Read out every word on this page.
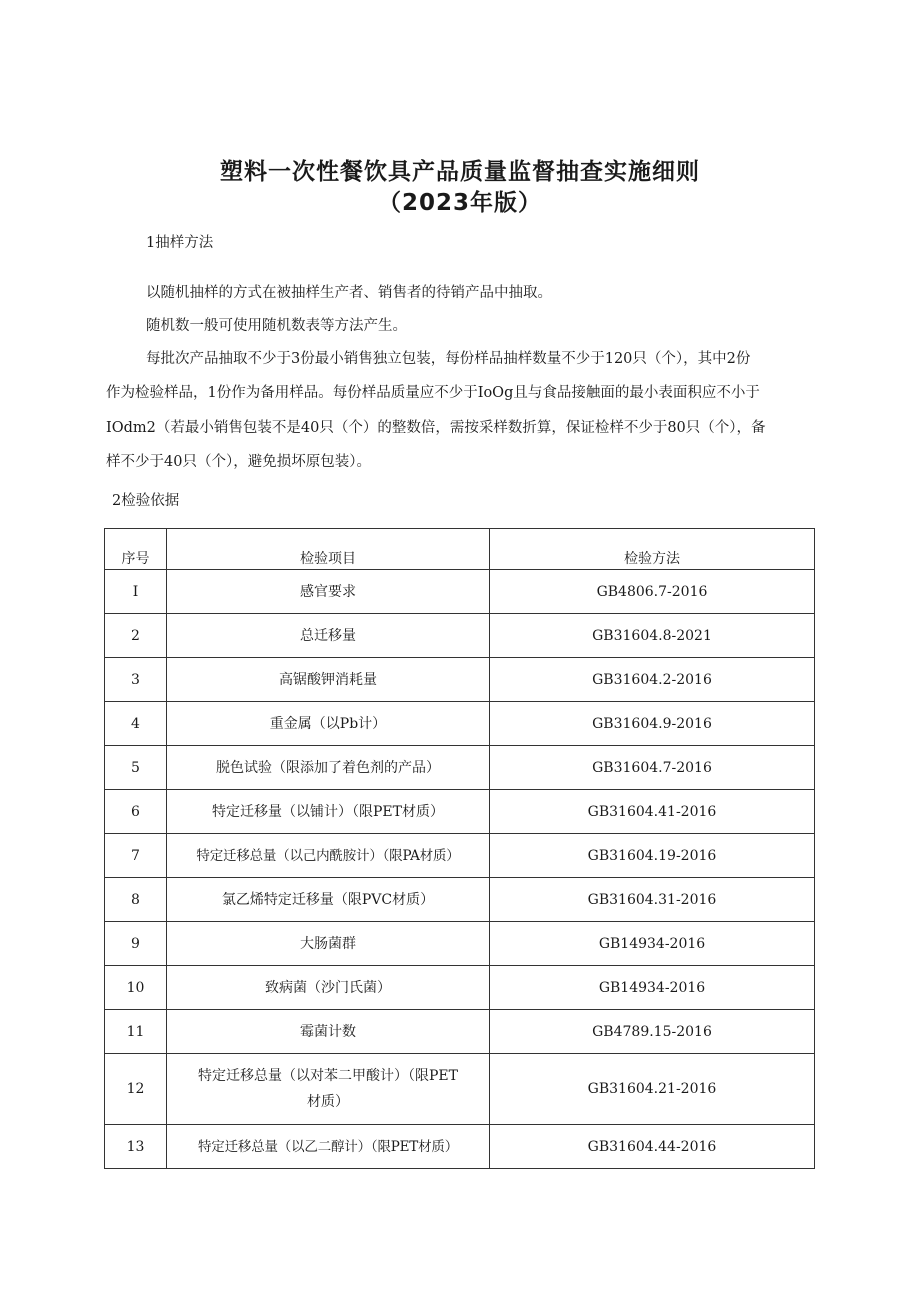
塑料一次性餐饮具产品质量监督抽查实施细则
（2023年版）
1抽样方法
以随机抽样的方式在被抽样生产者、销售者的待销产品中抽取。
随机数一般可使用随机数表等方法产生。
每批次产品抽取不少于3份最小销售独立包装，每份样品抽样数量不少于120只（个），其中2份
作为检验样品，1份作为备用样品。每份样品质量应不少于IoOg且与食品接触面的最小表面积应不小于
IOdm2（若最小销售包装不是40只（个）的整数倍，需按采样数折算，保证检样不少于80只（个），备
样不少于40只（个），避免损坏原包装）。
2检验依据
序号	检验项目	检验方法
I	感官要求	GB4806.7-2016
2	总迁移量	GB31604.8-2021
3	高锯酸钾消耗量	GB31604.2-2016
4	重金属（以Pb计）	GB31604.9-2016
5	脱色试验（限添加了着色剂的产品）	GB31604.7-2016
6	特定迁移量（以铺计）（限PET材质）	GB31604.41-2016
7	特定迁移总量（以己内酰胺计）（限PA材质）	GB31604.19-2016
8	氯乙烯特定迁移量（限PVC材质）	GB31604.31-2016
9	大肠菌群	GB14934-2016
10	致病菌（沙门氏菌）	GB14934-2016
11	霉菌计数	GB4789.15-2016
12	特定迁移总量（以对苯二甲酸计）（限PET
材质）	GB31604.21-2016
13	特定迁移总量（以乙二醇计）（限PET材质）	GB31604.44-2016
